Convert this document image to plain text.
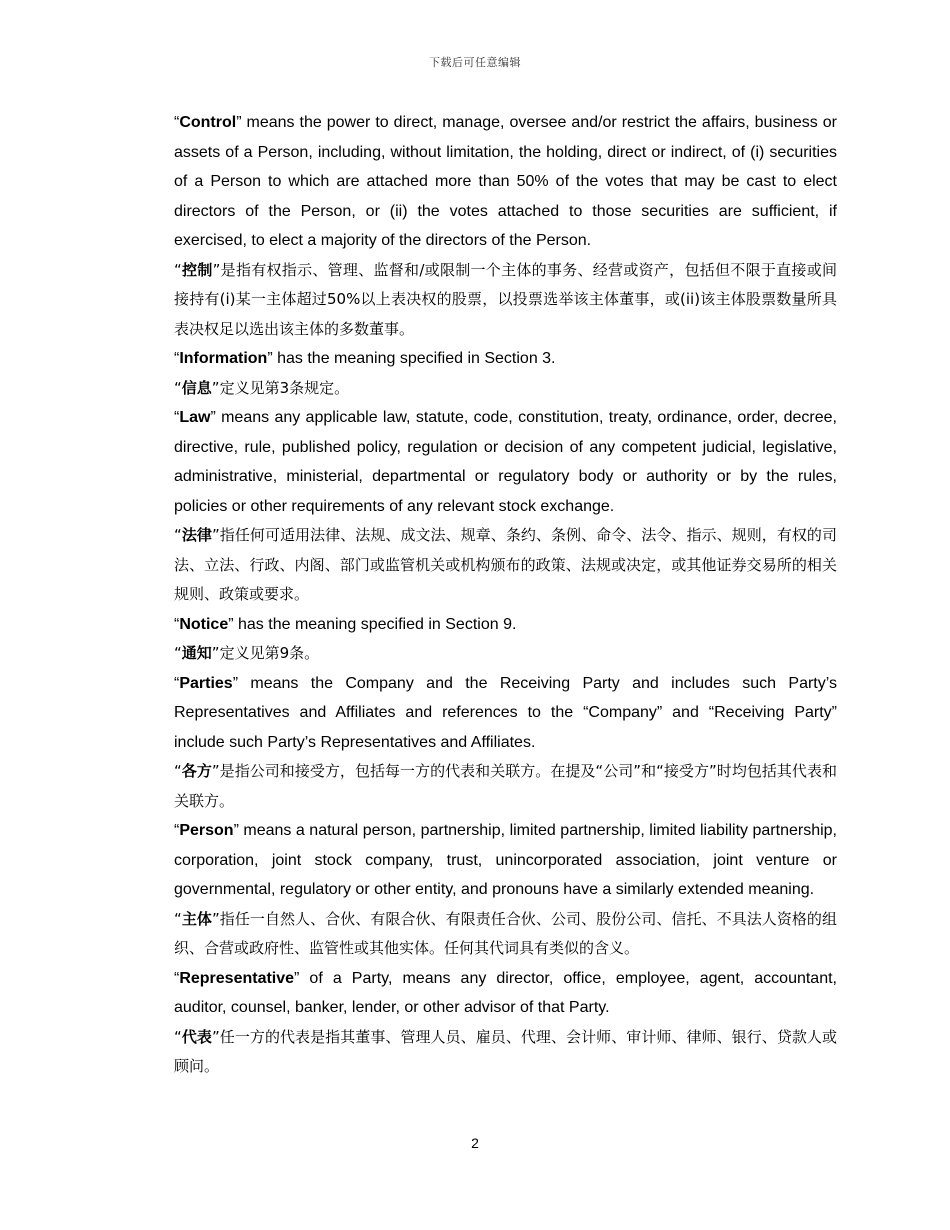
下载后可任意编辑

“Control” means the power to direct, manage, oversee and/or restrict the affairs, business or assets of a Person, including, without limitation, the holding, direct or indirect, of (i) securities of a Person to which are attached more than 50% of the votes that may be cast to elect directors of the Person, or (ii) the votes attached to those securities are sufficient, if exercised, to elect a majority of the directors of the Person.

“控制”是指有权指示、管理、监督和/或限制一个主体的事务、经营或资产，包括但不限于直接或间接持有(i)某一主体超过50%以上表决权的股票，以投票选举该主体董事，或(ii)该主体股票数量所具表决权足以选出该主体的多数董事。

“Information” has the meaning specified in Section 3.

“信息”定义见第3条规定。

“Law” means any applicable law, statute, code, constitution, treaty, ordinance, order, decree, directive, rule, published policy, regulation or decision of any competent judicial, legislative, administrative, ministerial, departmental or regulatory body or authority or by the rules, policies or other requirements of any relevant stock exchange.

“法律”指任何可适用法律、法规、成文法、规章、条约、条例、命令、法令、指示、规则，有权的司法、立法、行政、内阁、部门或监管机关或机构颁布的政策、法规或决定，或其他证券交易所的相关规则、政策或要求。

“Notice” has the meaning specified in Section 9.

“通知”定义见第9条。

“Parties” means the Company and the Receiving Party and includes such Party’s Representatives and Affiliates and references to the “Company” and “Receiving Party” include such Party’s Representatives and Affiliates.

“各方”是指公司和接受方，包括每一方的代表和关联方。在提及“公司”和“接受方”时均包括其代表和关联方。

“Person” means a natural person, partnership, limited partnership, limited liability partnership, corporation, joint stock company, trust, unincorporated association, joint venture or governmental, regulatory or other entity, and pronouns have a similarly extended meaning.

“主体”指任一自然人、合伙、有限合伙、有限责任合伙、公司、股份公司、信托、不具法人资格的组织、合营或政府性、监管性或其他实体。任何其代词具有类似的含义。

“Representative” of a Party, means any director, office, employee, agent, accountant, auditor, counsel, banker, lender, or other advisor of that Party.

“代表”任一方的代表是指其董事、管理人员、雇员、代理、会计师、审计师、律师、银行、贷款人或顾问。

2
